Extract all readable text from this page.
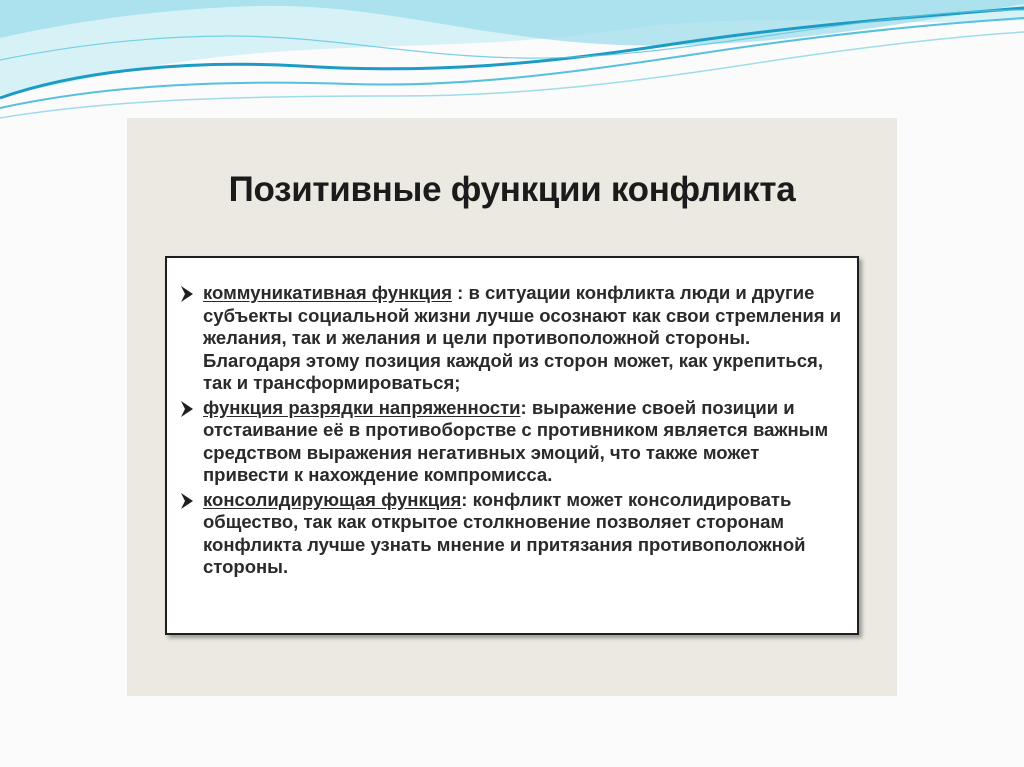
Позитивные функции конфликта
коммуникативная функция : в ситуации конфликта люди и другие субъекты социальной жизни лучше осознают как свои стремления и желания, так и желания и цели противоположной стороны. Благодаря этому позиция каждой из сторон может, как укрепиться, так и трансформироваться;
функция разрядки напряженности: выражение своей позиции и отстаивание её в противоборстве с противником является важным средством выражения негативных эмоций, что также может привести к нахождение компромисса.
консолидирующая функция: конфликт может консолидировать общество, так как открытое столкновение позволяет сторонам конфликта лучше узнать мнение и притязания противоположной стороны.
